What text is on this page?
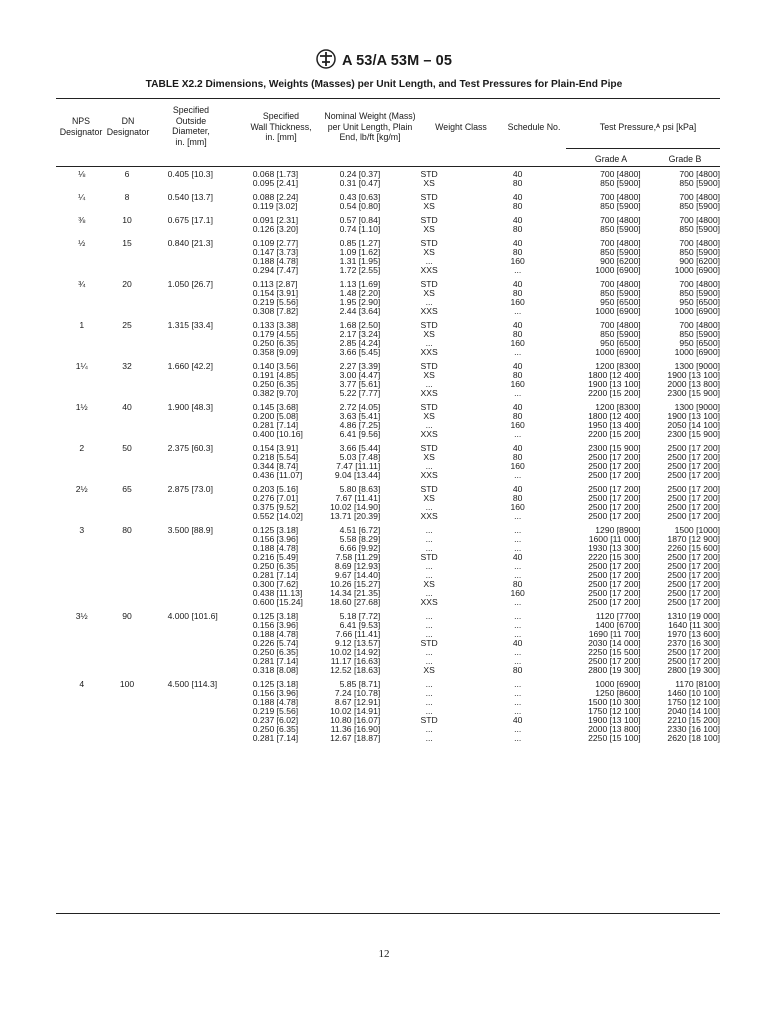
A 53/A 53M – 05
TABLE X2.2 Dimensions, Weights (Masses) per Unit Length, and Test Pressures for Plain-End Pipe
NPS
Designator
DN
Designator
Specified
Outside
Diameter,
in. [mm]
Specified
Wall Thickness,
in. [mm]
Nominal Weight (Mass)
per Unit Length, Plain
End, lb/ft [kg/m]
Weight Class	Schedule No.	Test Pressure,ᴬ psi [kPa]
Grade A	Grade B
⅛	6	0.405 [10.3]	0.068 [1.73]	0.24 [0.37]	STD	40	700 [4800]	700 [4800]
			0.095 [2.41]	0.31 [0.47]	XS	80	850 [5900]	850 [5900]
¼	8	0.540 [13.7]	0.088 [2.24]	0.43 [0.63]	STD	40	700 [4800]	700 [4800]
			0.119 [3.02]	0.54 [0.80]	XS	80	850 [5900]	850 [5900]
⅜	10	0.675 [17.1]	0.091 [2.31]	0.57 [0.84]	STD	40	700 [4800]	700 [4800]
			0.126 [3.20]	0.74 [1.10]	XS	80	850 [5900]	850 [5900]
½	15	0.840 [21.3]	0.109 [2.77]	0.85 [1.27]	STD	40	700 [4800]	700 [4800]
			0.147 [3.73]	1.09 [1.62]	XS	80	850 [5900]	850 [5900]
			0.188 [4.78]	1.31 [1.95]	...	160	900 [6200]	900 [6200]
			0.294 [7.47]	1.72 [2.55]	XXS	...	1000 [6900]	1000 [6900]
¾	20	1.050 [26.7]	0.113 [2.87]	1.13 [1.69]	STD	40	700 [4800]	700 [4800]
			0.154 [3.91]	1.48 [2.20]	XS	80	850 [5900]	850 [5900]
			0.219 [5.56]	1.95 [2.90]	...	160	950 [6500]	950 [6500]
			0.308 [7.82]	2.44 [3.64]	XXS	...	1000 [6900]	1000 [6900]
1	25	1.315 [33.4]	0.133 [3.38]	1.68 [2.50]	STD	40	700 [4800]	700 [4800]
			0.179 [4.55]	2.17 [3.24]	XS	80	850 [5900]	850 [5900]
			0.250 [6.35]	2.85 [4.24]	...	160	950 [6500]	950 [6500]
			0.358 [9.09]	3.66 [5.45]	XXS	...	1000 [6900]	1000 [6900]
1¼	32	1.660 [42.2]	0.140 [3.56]	2.27 [3.39]	STD	40	1200 [8300]	1300 [9000]
			0.191 [4.85]	3.00 [4.47]	XS	80	1800 [12 400]	1900 [13 100]
			0.250 [6.35]	3.77 [5.61]	...	160	1900 [13 100]	2000 [13 800]
			0.382 [9.70]	5.22 [7.77]	XXS	...	2200 [15 200]	2300 [15 900]
1½	40	1.900 [48.3]	0.145 [3.68]	2.72 [4.05]	STD	40	1200 [8300]	1300 [9000]
			0.200 [5.08]	3.63 [5.41]	XS	80	1800 [12 400]	1900 [13 100]
			0.281 [7.14]	4.86 [7.25]	...	160	1950 [13 400]	2050 [14 100]
			0.400 [10.16]	6.41 [9.56]	XXS	...	2200 [15 200]	2300 [15 900]
2	50	2.375 [60.3]	0.154 [3.91]	3.66 [5.44]	STD	40	2300 [15 900]	2500 [17 200]
			0.218 [5.54]	5.03 [7.48]	XS	80	2500 [17 200]	2500 [17 200]
			0.344 [8.74]	7.47 [11.11]	...	160	2500 [17 200]	2500 [17 200]
			0.436 [11.07]	9.04 [13.44]	XXS	...	2500 [17 200]	2500 [17 200]
2½	65	2.875 [73.0]	0.203 [5.16]	5.80 [8.63]	STD	40	2500 [17 200]	2500 [17 200]
			0.276 [7.01]	7.67 [11.41]	XS	80	2500 [17 200]	2500 [17 200]
			0.375 [9.52]	10.02 [14.90]	...	160	2500 [17 200]	2500 [17 200]
			0.552 [14.02]	13.71 [20.39]	XXS	...	2500 [17 200]	2500 [17 200]
3	80	3.500 [88.9]	0.125 [3.18]	4.51 [6.72]	...	...	1290 [8900]	1500 [1000]
			0.156 [3.96]	5.58 [8.29]	...	...	1600 [11 000]	1870 [12 900]
			0.188 [4.78]	6.66 [9.92]	...	...	1930 [13 300]	2260 [15 600]
			0.216 [5.49]	7.58 [11.29]	STD	40	2220 [15 300]	2500 [17 200]
			0.250 [6.35]	8.69 [12.93]	...	...	2500 [17 200]	2500 [17 200]
			0.281 [7.14]	9.67 [14.40]	...	...	2500 [17 200]	2500 [17 200]
			0.300 [7.62]	10.26 [15.27]	XS	80	2500 [17 200]	2500 [17 200]
			0.438 [11.13]	14.34 [21.35]	...	160	2500 [17 200]	2500 [17 200]
			0.600 [15.24]	18.60 [27.68]	XXS	...	2500 [17 200]	2500 [17 200]
3½	90	4.000 [101.6]	0.125 [3.18]	5.18 [7.72]	...	...	1120 [7700]	1310 [19 000]
			0.156 [3.96]	6.41 [9.53]	...	...	1400 [6700]	1640 [11 300]
			0.188 [4.78]	7.66 [11.41]	...	...	1690 [11 700]	1970 [13 600]
			0.226 [5.74]	9.12 [13.57]	STD	40	2030 [14 000]	2370 [16 300]
			0.250 [6.35]	10.02 [14.92]	...	...	2250 [15 500]	2500 [17 200]
			0.281 [7.14]	11.17 [16.63]	...	...	2500 [17 200]	2500 [17 200]
			0.318 [8.08]	12.52 [18.63]	XS	80	2800 [19 300]	2800 [19 300]
4	100	4.500 [114.3]	0.125 [3.18]	5.85 [8.71]	...	...	1000 [6900]	1170 [8100]
			0.156 [3.96]	7.24 [10.78]	...	...	1250 [8600]	1460 [10 100]
			0.188 [4.78]	8.67 [12.91]	...	...	1500 [10 300]	1750 [12 100]
			0.219 [5.56]	10.02 [14.91]	...	...	1750 [12 100]	2040 [14 100]
			0.237 [6.02]	10.80 [16.07]	STD	40	1900 [13 100]	2210 [15 200]
			0.250 [6.35]	11.36 [16.90]	...	...	2000 [13 800]	2330 [16 100]
			0.281 [7.14]	12.67 [18.87]	...	...	2250 [15 100]	2620 [18 100]
12
